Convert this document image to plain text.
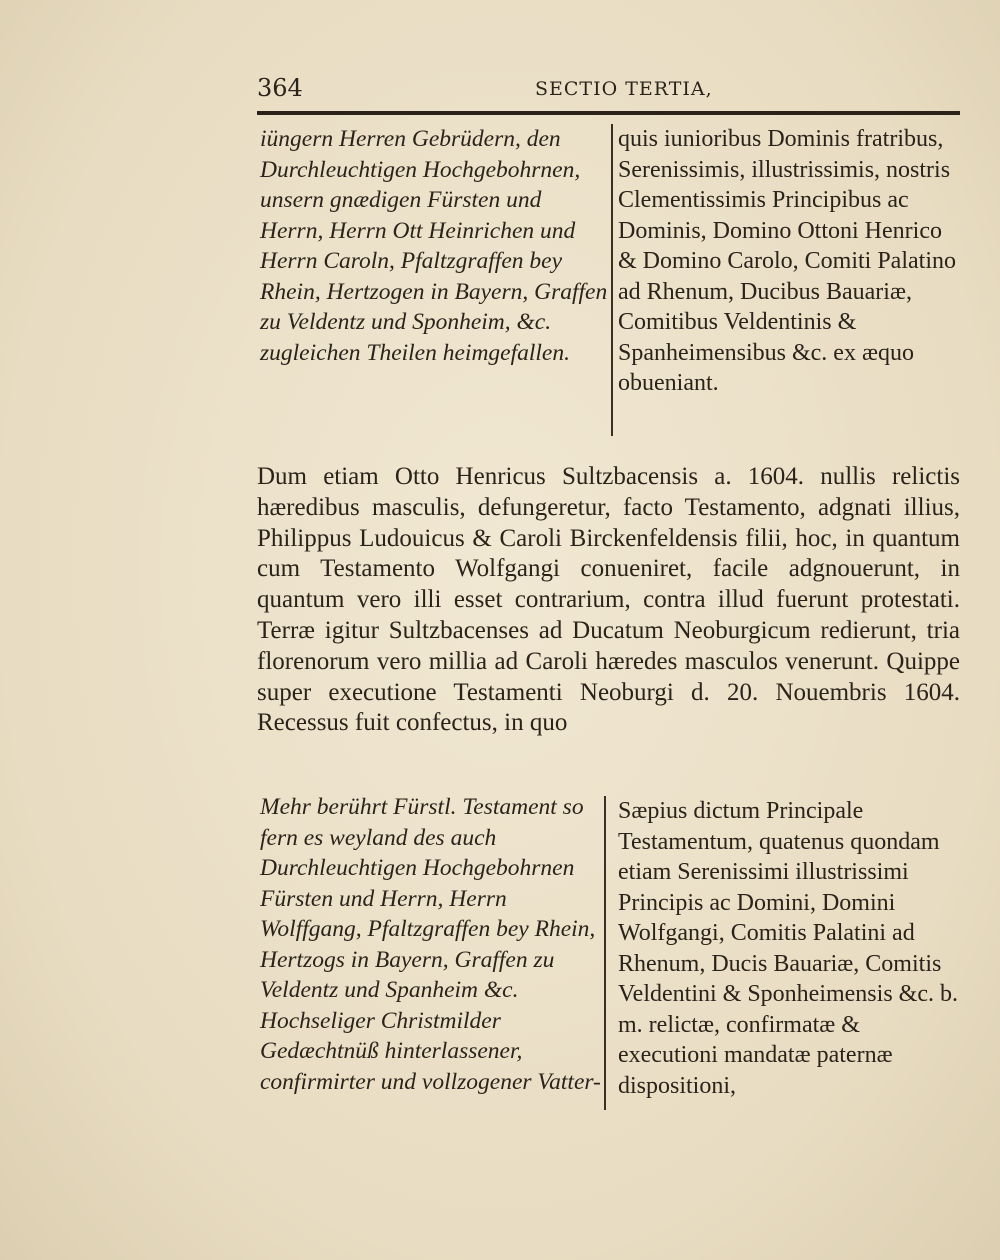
364	SECTIO TERTIA,

iüngern Herren Gebrüdern, den Durchleuchtigen Hochgebohrnen, unsern gnædigen Fürsten und Herrn, Herrn Ott Heinrichen und Herrn Caroln, Pfaltzgraffen bey Rhein, Hertzogen in Bayern, Graffen zu Veldentz und Sponheim, &c. zugleichen Theilen heimgefallen.

quis iunioribus Dominis fratribus, Serenissimis, illustrissimis, nostris Clementissimis Principibus ac Dominis, Domino Ottoni Henrico & Domino Carolo, Comiti Palatino ad Rhenum, Ducibus Bauariæ, Comitibus Veldentinis & Spanheimensibus &c. ex æquo obueniant.

Dum etiam Otto Henricus Sultzbacensis a. 1604. nullis relictis hæredibus masculis, defungeretur, facto Testamento, adgnati illius, Philippus Ludouicus & Caroli Birckenfeldensis filii, hoc, in quantum cum Testamento Wolfgangi conueniret, facile adgnouerunt, in quantum vero illi esset contrarium, contra illud fuerunt protestati. Terræ igitur Sultzbacenses ad Ducatum Neoburgicum redierunt, tria florenorum vero millia ad Caroli hæredes masculos venerunt. Quippe super executione Testamenti Neoburgi d. 20. Nouembris 1604. Recessus fuit confectus, in quo

Mehr berührt Fürstl. Testament so fern es weyland des auch Durchleuchtigen Hochgebohrnen Fürsten und Herrn, Herrn Wolffgang, Pfaltzgraffen bey Rhein, Hertzogs in Bayern, Graffen zu Veldentz und Spanheim &c. Hochseliger Christmilder Gedæchtnüß hinterlassener, confirmirter und vollzogener Vatter-

Sæpius dictum Principale Testamentum, quatenus quondam etiam Serenissimi illustrissimi Principis ac Domini, Domini Wolfgangi, Comitis Palatini ad Rhenum, Ducis Bauariæ, Comitis Veldentini & Sponheimensis &c. b. m. relictæ, confirmatæ & executioni mandatæ paternæ dispositioni,
